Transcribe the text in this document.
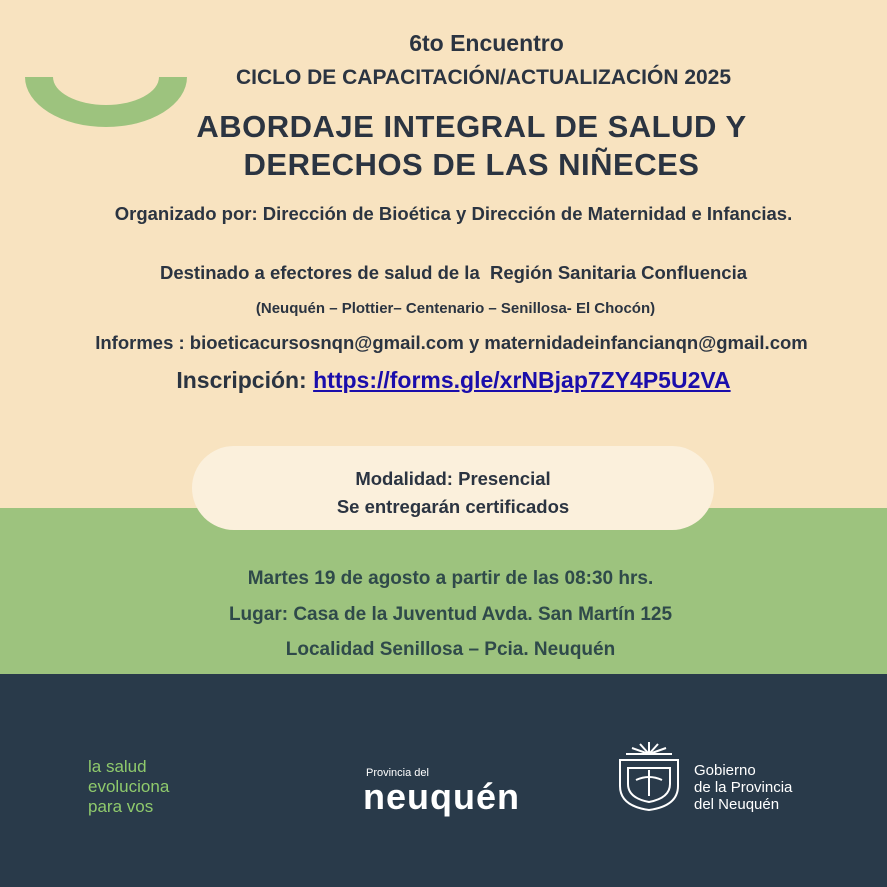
6to Encuentro
CICLO DE CAPACITACIÓN/ACTUALIZACIÓN 2025
ABORDAJE INTEGRAL DE SALUD Y
DERECHOS DE LAS NIÑECES
Organizado por: Dirección de Bioética y Dirección de Maternidad e Infancias.
Destinado a efectores de salud de la Región Sanitaria Confluencia
(Neuquén – Plottier– Centenario – Senillosa- El Chocón)
Informes : bioeticacursosnqn@gmail.com y maternidadeinfancianqn@gmail.com
Inscripción: https://forms.gle/xrNBjap7ZY4P5U2VA
Modalidad: Presencial
Se entregarán certificados
Martes 19 de agosto a partir de las 08:30 hrs.
Lugar: Casa de la Juventud Avda. San Martín 125
Localidad Senillosa – Pcia. Neuquén
la salud
evoluciona
para vos
Provincia del
neuquén
Gobierno
de la Provincia
del Neuquén
